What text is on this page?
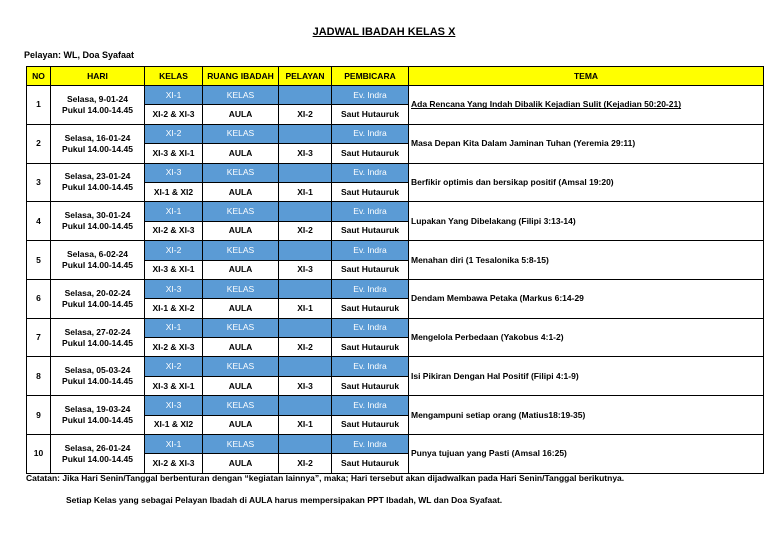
JADWAL IBADAH KELAS X
Pelayan: WL, Doa Syafaat
NO	HARI	KELAS	RUANG IBADAH	PELAYAN	PEMBICARA	TEMA
1	Selasa, 9-01-24
Pukul 14.00-14.45	XI-1	KELAS		Ev. Indra	Ada Rencana Yang Indah Dibalik Kejadian Sulit (Kejadian 50:20-21)
		XI-2 & XI-3	AULA	XI-2	Saut Hutauruk	
2	Selasa, 16-01-24
Pukul 14.00-14.45	XI-2	KELAS		Ev. Indra	Masa Depan Kita Dalam Jaminan Tuhan (Yeremia 29:11)
		XI-3 & XI-1	AULA	XI-3	Saut Hutauruk	
3	Selasa, 23-01-24
Pukul 14.00-14.45	XI-3	KELAS		Ev. Indra	Berfikir optimis dan bersikap positif (Amsal 19:20)
		XI-1 & XI2	AULA	XI-1	Saut Hutauruk	
4	Selasa, 30-01-24
Pukul 14.00-14.45	XI-1	KELAS		Ev. Indra	Lupakan Yang Dibelakang (Filipi 3:13-14)
		XI-2 & XI-3	AULA	XI-2	Saut Hutauruk	
5	Selasa, 6-02-24
Pukul 14.00-14.45	XI-2	KELAS		Ev. Indra	Menahan diri (1 Tesalonika 5:8-15)
		XI-3 & XI-1	AULA	XI-3	Saut Hutauruk	
6	Selasa, 20-02-24
Pukul 14.00-14.45	XI-3	KELAS		Ev. Indra	Dendam Membawa Petaka (Markus 6:14-29
		XI-1 & XI-2	AULA	XI-1	Saut Hutauruk	
7	Selasa, 27-02-24
Pukul 14.00-14.45	XI-1	KELAS		Ev. Indra	Mengelola Perbedaan (Yakobus 4:1-2)
		XI-2 & XI-3	AULA	XI-2	Saut Hutauruk	
8	Selasa, 05-03-24
Pukul 14.00-14.45	XI-2	KELAS		Ev. Indra	Isi Pikiran Dengan Hal Positif (Filipi 4:1-9)
		XI-3 & XI-1	AULA	XI-3	Saut Hutauruk	
9	Selasa, 19-03-24
Pukul 14.00-14.45	XI-3	KELAS		Ev. Indra	Mengampuni setiap orang (Matius18:19-35)
		XI-1 & XI2	AULA	XI-1	Saut Hutauruk	
10	Selasa, 26-01-24
Pukul 14.00-14.45	XI-1	KELAS		Ev. Indra	Punya tujuan yang Pasti (Amsal 16:25)
		XI-2 & XI-3	AULA	XI-2	Saut Hutauruk	
Catatan: Jika Hari Senin/Tanggal berbenturan dengan “kegiatan lainnya”, maka; Hari tersebut akan dijadwalkan pada Hari Senin/Tanggal berikutnya.
Setiap Kelas yang sebagai Pelayan Ibadah di AULA harus mempersipakan PPT Ibadah, WL dan Doa Syafaat.
